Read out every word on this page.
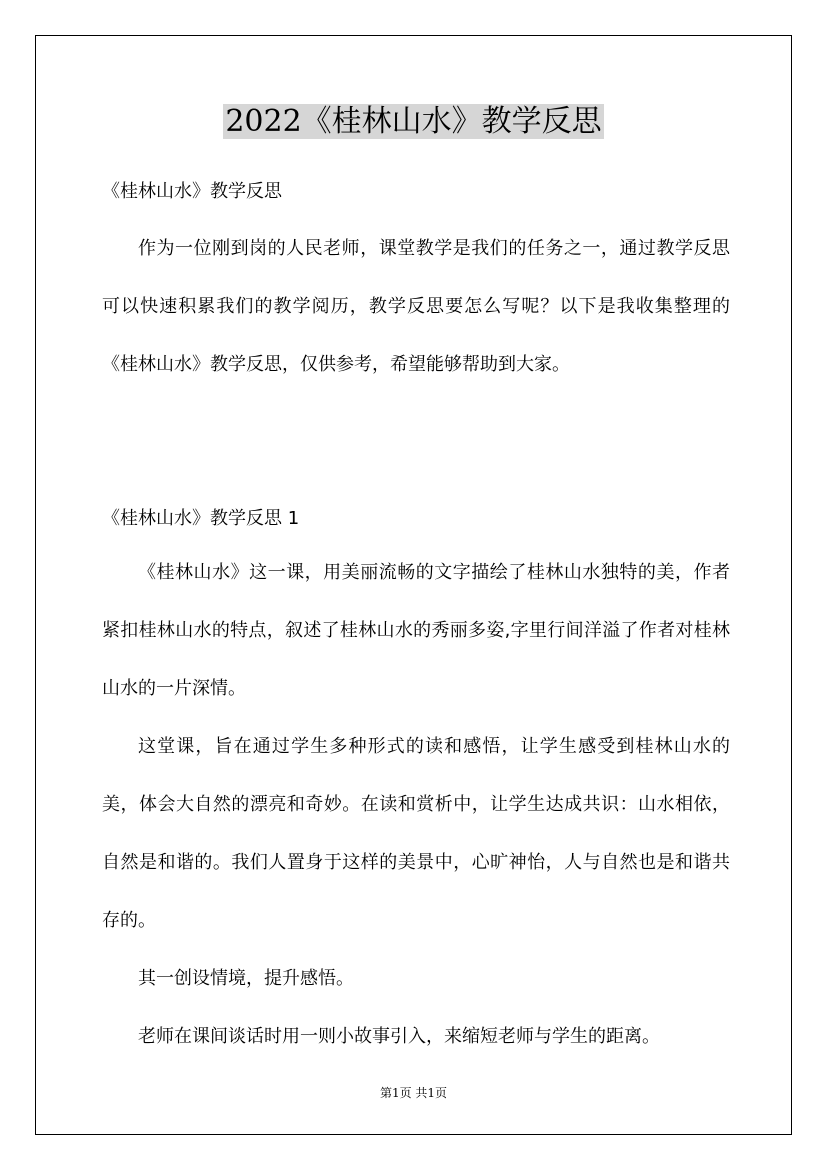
2022《桂林山水》教学反思
《桂林山水》教学反思

作为一位刚到岗的人民老师，课堂教学是我们的任务之一，通过教学反思可以快速积累我们的教学阅历，教学反思要怎么写呢？以下是我收集整理的《桂林山水》教学反思，仅供参考，希望能够帮助到大家。

《桂林山水》教学反思 1

《桂林山水》这一课，用美丽流畅的文字描绘了桂林山水独特的美，作者紧扣桂林山水的特点，叙述了桂林山水的秀丽多姿,字里行间洋溢了作者对桂林山水的一片深情。

这堂课，旨在通过学生多种形式的读和感悟，让学生感受到桂林山水的美，体会大自然的漂亮和奇妙。在读和赏析中，让学生达成共识：山水相依，自然是和谐的。我们人置身于这样的美景中，心旷神怡，人与自然也是和谐共存的。

其一创设情境，提升感悟。

老师在课间谈话时用一则小故事引入，来缩短老师与学生的距离。

第1页 共1页
